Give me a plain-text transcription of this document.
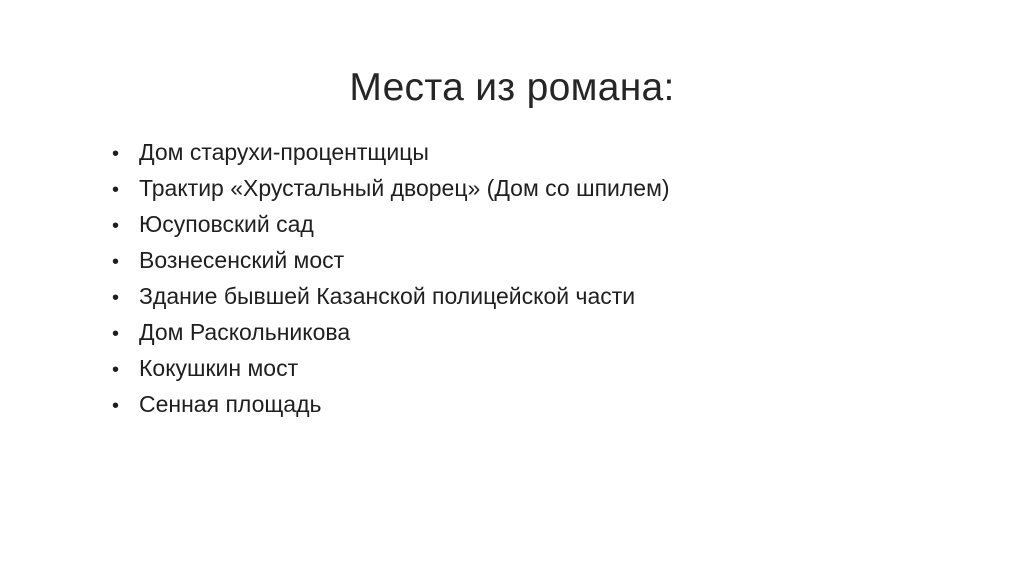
Места из романа:
• Дом старухи-процентщицы
• Трактир «Хрустальный дворец» (Дом со шпилем)
• Юсуповский сад
• Вознесенский мост
• Здание бывшей Казанской полицейской части
• Дом Раскольникова
• Кокушкин мост
• Сенная площадь
